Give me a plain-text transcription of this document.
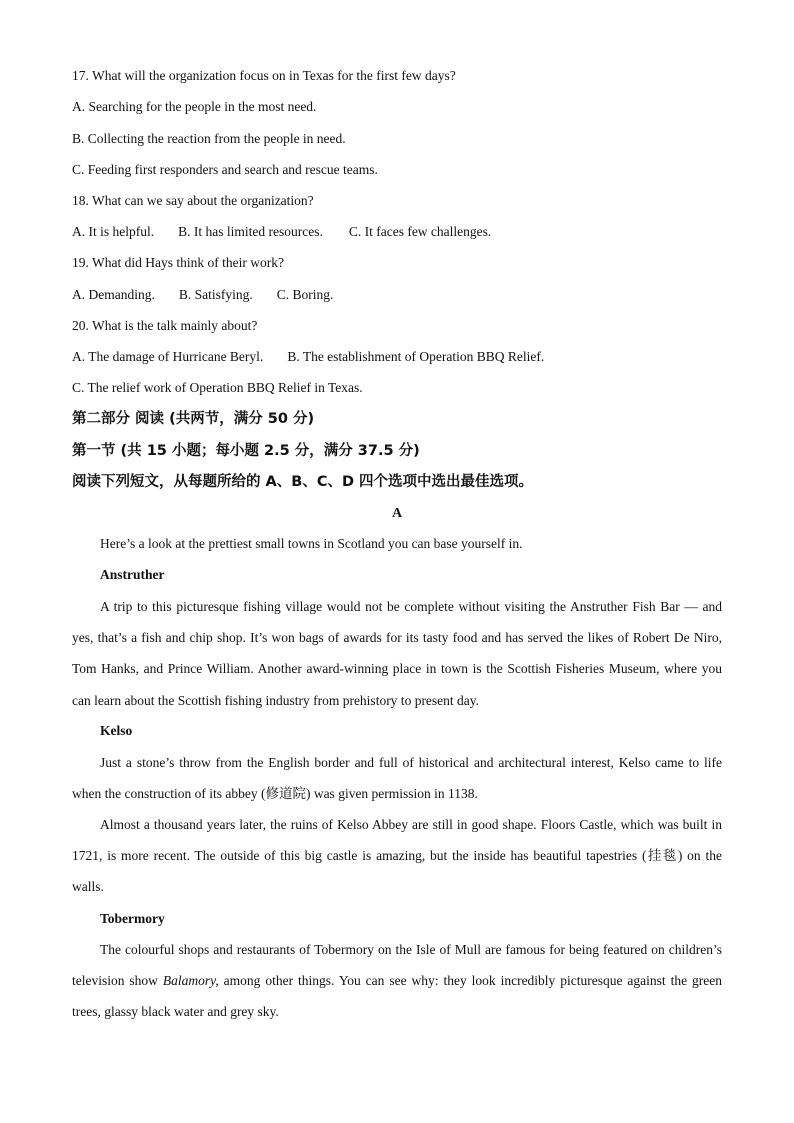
17. What will the organization focus on in Texas for the first few days?
A. Searching for the people in the most need.
B. Collecting the reaction from the people in need.
C. Feeding first responders and search and rescue teams.
18. What can we say about the organization?
A. It is helpful. B. It has limited resources. C. It faces few challenges.
19. What did Hays think of their work?
A. Demanding. B. Satisfying. C. Boring.
20. What is the talk mainly about?
A. The damage of Hurricane Beryl. B. The establishment of Operation BBQ Relief.
C. The relief work of Operation BBQ Relief in Texas.
第二部分 阅读 (共两节，满分 50 分)
第一节 (共 15 小题；每小题 2.5 分，满分 37.5 分)
阅读下列短文，从每题所给的 A、B、C、D 四个选项中选出最佳选项。
A

Here’s a look at the prettiest small towns in Scotland you can base yourself in.

Anstruther

A trip to this picturesque fishing village would not be complete without visiting the Anstruther Fish Bar — and yes, that’s a fish and chip shop. It’s won bags of awards for its tasty food and has served the likes of Robert De Niro, Tom Hanks, and Prince William. Another award-winning place in town is the Scottish Fisheries Museum, where you can learn about the Scottish fishing industry from prehistory to present day.

Kelso

Just a stone’s throw from the English border and full of historical and architectural interest, Kelso came to life when the construction of its abbey (修道院) was given permission in 1138.

Almost a thousand years later, the ruins of Kelso Abbey are still in good shape. Floors Castle, which was built in 1721, is more recent. The outside of this big castle is amazing, but the inside has beautiful tapestries (挂毯) on the walls.

Tobermory

The colourful shops and restaurants of Tobermory on the Isle of Mull are famous for being featured on children’s television show Balamory, among other things. You can see why: they look incredibly picturesque against the green trees, glassy black water and grey sky.
